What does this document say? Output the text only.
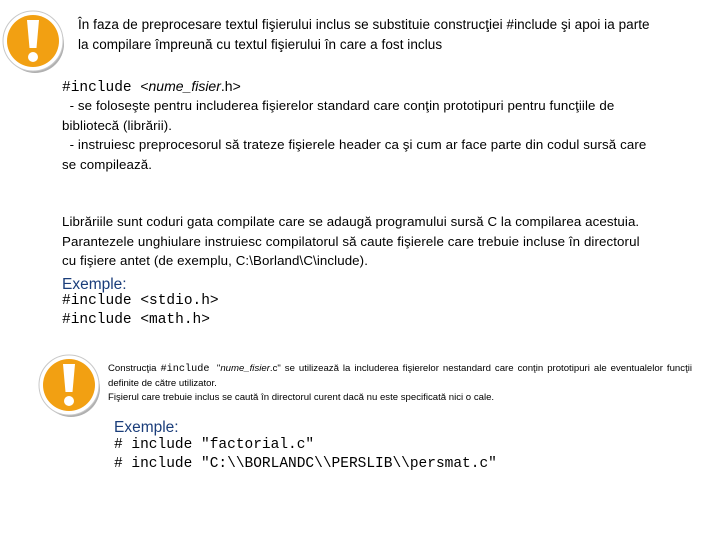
În faza de preprocesare textul fişierului inclus se substituie construcţiei #include şi apoi ia parte
la compilare împreună cu textul fişierului în care a fost inclus
#include <nume_fisier.h>

- se foloseşte pentru includerea fişierelor standard care conţin prototipuri pentru funcţiile de

bibliotecă (librării).

- instruiesc preprocesorul să trateze fişierele header ca şi cum ar face parte din codul sursă care

se compilează.

Librăriile sunt coduri gata compilate care se adaugă programului sursă C la compilarea acestuia.

Parantezele unghiulare instruiesc compilatorul să caute fişierele care trebuie incluse în directorul

cu fişiere antet (de exemplu, C:\Borland\C\include).

Exemple:
#include <stdio.h>
#include <math.h>

Construcţia #include "nume_fisier.c" se utilizează la includerea fişierelor nestandard care conţin prototipuri ale eventualelor funcţii definite de către utilizator.

Fişierul care trebuie inclus se caută în directorul curent dacă nu este specificată nici o cale.

Exemple:
# include "factorial.c"
# include "C:\\BORLANDC\\PERSLIB\\persmat.c"
